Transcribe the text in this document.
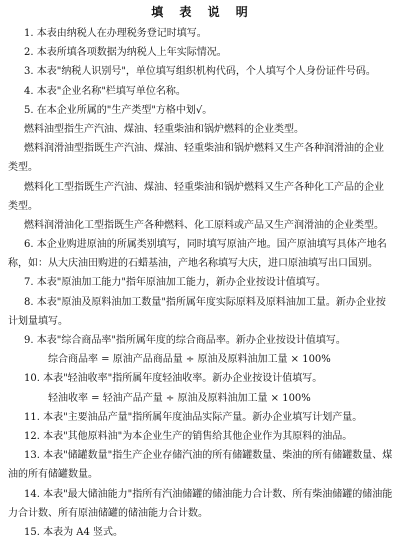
填 表 说 明
1. 本表由纳税人在办理税务登记时填写。
2. 本表所填各项数据为纳税人上年实际情况。
3. 本表"纳税人识别号"，单位填写组织机构代码，个人填写个人身份证件号码。
4. 本表"企业名称"栏填写单位名称。
5. 在本企业所属的"生产类型"方格中划√。
燃料油型指生产汽油、煤油、轻重柴油和锅炉燃料的企业类型。
燃料润滑油型指既生产汽油、煤油、轻重柴油和锅炉燃料又生产各种润滑油的企业
类型。
燃料化工型指既生产汽油、煤油、轻重柴油和锅炉燃料又生产各种化工产品的企业
类型。
燃料润滑油化工型指既生产各种燃料、化工原料或产品又生产润滑油的企业类型。
6. 本企业购进原油的所属类别填写，同时填写原油产地。国产原油填写具体产地名
称，如：从大庆油田购进的石蜡基油，产地名称填写大庆，进口原油填写出口国别。
7. 本表"原油加工能力"指年原油加工能力，新办企业按设计值填写。
8. 本表"原油及原料油加工数量"指所属年度实际原料及原料油加工量。新办企业按
计划量填写。
9. 本表"综合商品率"指所属年度的综合商品率。新办企业按设计值填写。
综合商品率 = 原油产品商品量 ÷ 原油及原料油加工量 × 100%
10. 本表"轻油收率"指所属年度轻油收率。新办企业按设计值填写。
轻油收率 = 轻油产品产量 ÷ 原油及原料油加工量 × 100%
11. 本表"主要油品产量"指所属年度油品实际产量。新办企业填写计划产量。
12. 本表"其他原料油"为本企业生产的销售给其他企业作为其原料的油品。
13. 本表"储罐数量"指生产企业存储汽油的所有储罐数量、柴油的所有储罐数量、煤
油的所有储罐数量。
14. 本表"最大储油能力"指所有汽油储罐的储油能力合计数、所有柴油储罐的储油能
力合计数、所有原油储罐的储油能力合计数。
15. 本表为 A4 竖式。
